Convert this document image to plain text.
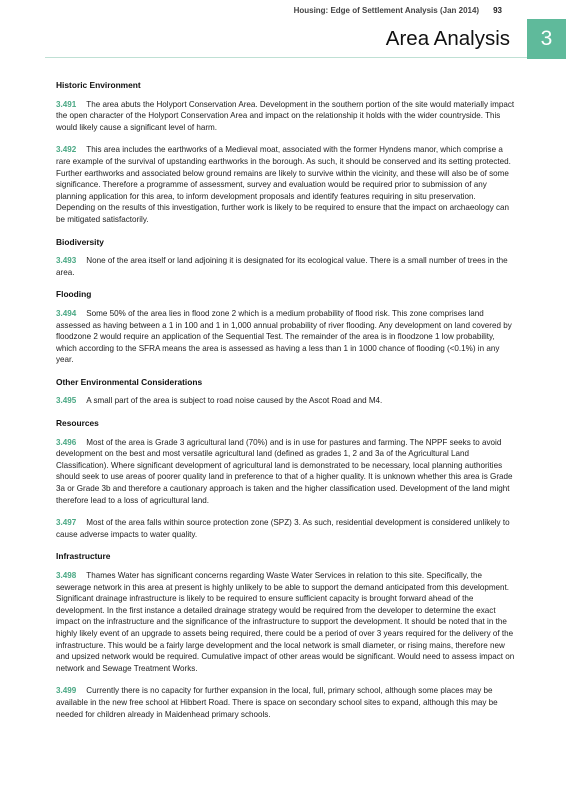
Housing: Edge of Settlement Analysis (Jan 2014) 93
3
Area Analysis
Historic Environment

3.491 The area abuts the Holyport Conservation Area. Development in the southern portion of the site would materially impact the open character of the Holyport Conservation Area and impact on the relationship it holds with the wider countryside. This would likely cause a significant level of harm.

3.492 This area includes the earthworks of a Medieval moat, associated with the former Hyndens manor, which comprise a rare example of the survival of upstanding earthworks in the borough. As such, it should be conserved and its setting protected. Further earthworks and associated below ground remains are likely to survive within the vicinity, and these will also be of some significance. Therefore a programme of assessment, survey and evaluation would be required prior to submission of any planning application for this area, to inform development proposals and identify features requiring in situ preservation. Depending on the results of this investigation, further work is likely to be required to ensure that the impact on archaeology can be mitigated satisfactorily.

Biodiversity

3.493 None of the area itself or land adjoining it is designated for its ecological value. There is a small number of trees in the area.

Flooding

3.494 Some 50% of the area lies in flood zone 2 which is a medium probability of flood risk. This zone comprises land assessed as having between a 1 in 100 and 1 in 1,000 annual probability of river flooding. Any development on land covered by floodzone 2 would require an application of the Sequential Test. The remainder of the area is in floodzone 1 low probability, which according to the SFRA means the area is assessed as having a less than 1 in 1000 chance of flooding (<0.1%) in any year.

Other Environmental Considerations

3.495 A small part of the area is subject to road noise caused by the Ascot Road and M4.

Resources

3.496 Most of the area is Grade 3 agricultural land (70%) and is in use for pastures and farming. The NPPF seeks to avoid development on the best and most versatile agricultural land (defined as grades 1, 2 and 3a of the Agricultural Land Classification). Where significant development of agricultural land is demonstrated to be necessary, local planning authorities should seek to use areas of poorer quality land in preference to that of a higher quality. It is unknown whether this area is Grade 3a or Grade 3b and therefore a cautionary approach is taken and the higher classification used. Development of the land might therefore lead to a loss of agricultural land.

3.497 Most of the area falls within source protection zone (SPZ) 3. As such, residential development is considered unlikely to cause adverse impacts to water quality.

Infrastructure

3.498 Thames Water has significant concerns regarding Waste Water Services in relation to this site. Specifically, the sewerage network in this area at present is highly unlikely to be able to support the demand anticipated from this development. Significant drainage infrastructure is likely to be required to ensure sufficient capacity is brought forward ahead of the development. In the first instance a detailed drainage strategy would be required from the developer to determine the exact impact on the infrastructure and the significance of the infrastructure to support the development. It should be noted that in the highly likely event of an upgrade to assets being required, there could be a period of over 3 years required for the delivery of the infrastructure. This would be a fairly large development and the local network is small diameter, or rising mains, therefore new and upsized network would be required. Cumulative impact of other areas would be significant. Would need to assess impact on network and Sewage Treatment Works.

3.499 Currently there is no capacity for further expansion in the local, full, primary school, although some places may be available in the new free school at Hibbert Road. There is space on secondary school sites to expand, although this may be needed for children already in Maidenhead primary schools.
